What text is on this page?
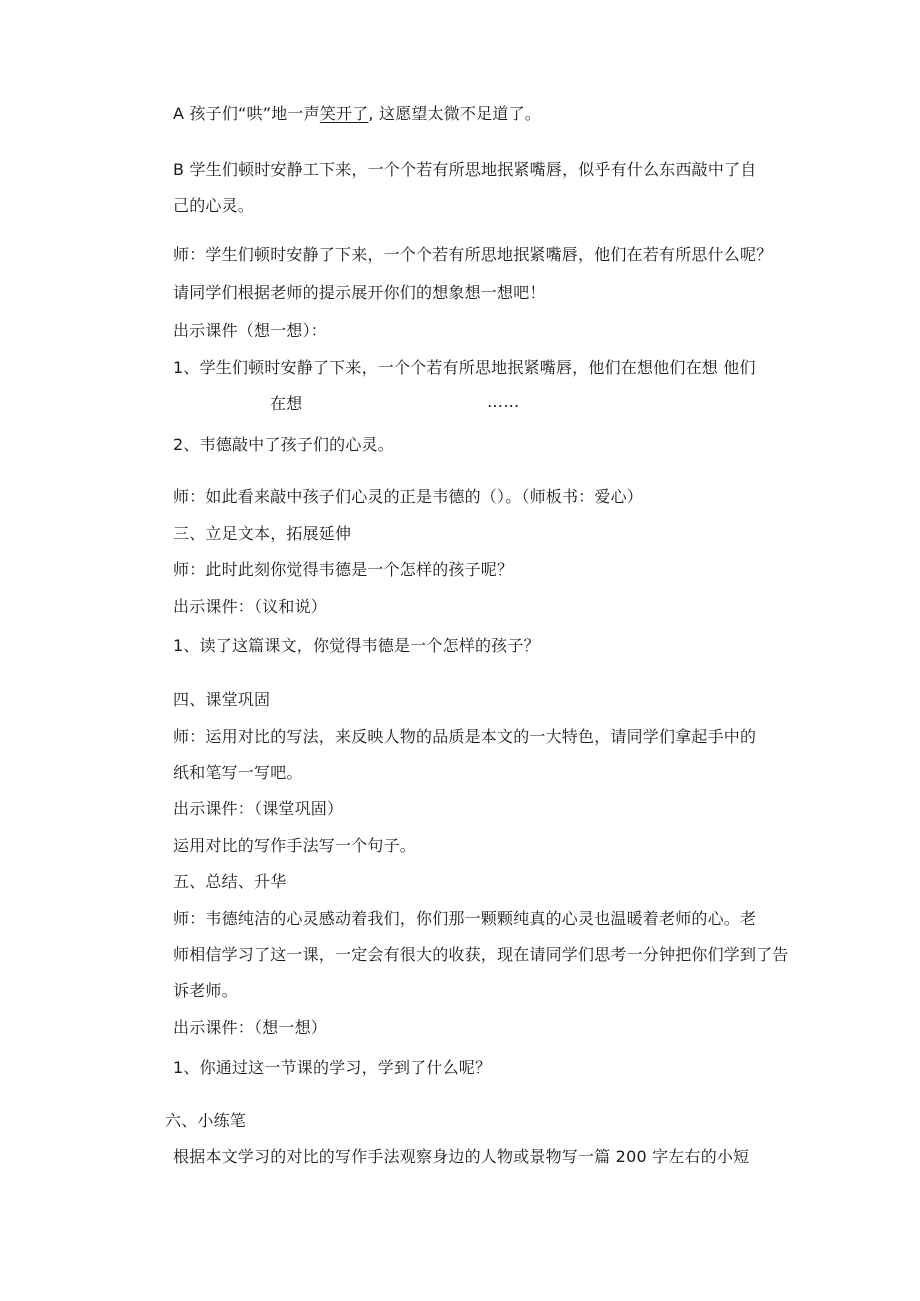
A 孩子们“哄”地一声笑开了, 这愿望太微不足道了。
B 学生们顿时安静工下来，一个个若有所思地抿紧嘴唇，似乎有什么东西敲中了自
己的心灵。
师：学生们顿时安静了下来，一个个若有所思地抿紧嘴唇，他们在若有所思什么呢？
请同学们根据老师的提示展开你们的想象想一想吧！
出示课件（想一想）：
1、学生们顿时安静了下来，一个个若有所思地抿紧嘴唇，他们在想他们在想 他们
在想	……
2、韦德敲中了孩子们的心灵。
师：如此看来敲中孩子们心灵的正是韦德的（）。（师板书：爱心）
三、立足文本，拓展延伸
师：此时此刻你觉得韦德是一个怎样的孩子呢？
出示课件：（议和说）
1、读了这篇课文，你觉得韦德是一个怎样的孩子？
四、课堂巩固
师：运用对比的写法，来反映人物的品质是本文的一大特色，请同学们拿起手中的
纸和笔写一写吧。
出示课件：（课堂巩固）
运用对比的写作手法写一个句子。
五、总结、升华
师：韦德纯洁的心灵感动着我们，你们那一颗颗纯真的心灵也温暖着老师的心。老
师相信学习了这一课，一定会有很大的收获，现在请同学们思考一分钟把你们学到了告
诉老师。
出示课件：（想一想）
1、你通过这一节课的学习，学到了什么呢？
六、小练笔
根据本文学习的对比的写作手法观察身边的人物或景物写一篇 200 字左右的小短
